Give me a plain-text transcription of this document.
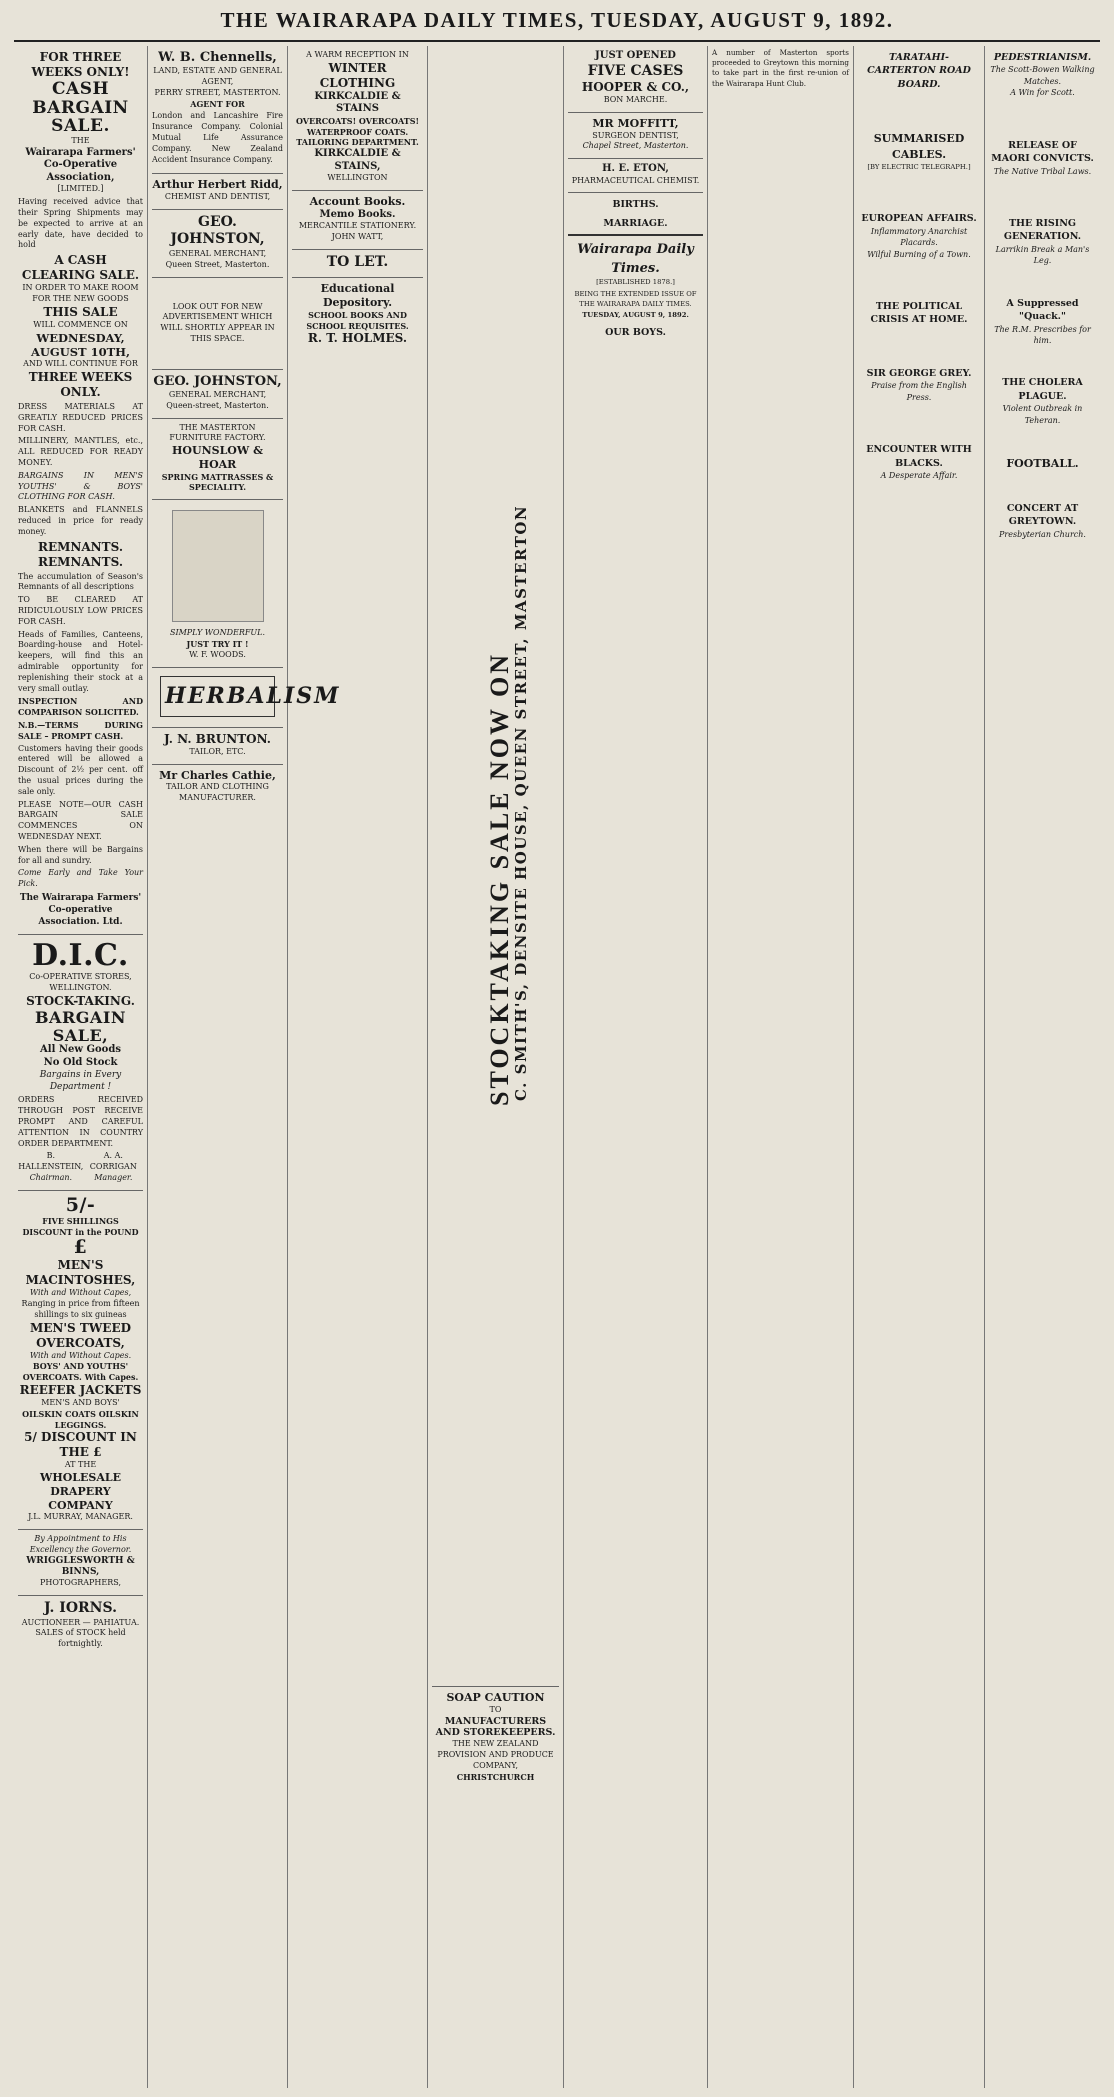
THE WAIRARAPA DAILY TIMES, TUESDAY, AUGUST 9, 1892.
FOR THREE WEEKS ONLY!
CASH BARGAIN SALE.
THE
Wairarapa Farmers' Co-Operative Association,
[LIMITED.]

Having received advice that their Spring Shipments may be expected to arrive at an early date, have decided to hold

A CASH CLEARING SALE.
IN ORDER TO MAKE ROOM FOR THE NEW GOODS
THIS SALE
WILL COMMENCE ON
WEDNESDAY, AUGUST 10TH,
AND WILL CONTINUE FOR
THREE WEEKS ONLY.

DRESS MATERIALS AT GREATLY REDUCED PRICES FOR CASH.

MILLINERY, MANTLES, etc., ALL REDUCED FOR READY MONEY.

BARGAINS IN MEN'S YOUTHS' & BOYS' CLOTHING FOR CASH.

BLANKETS and FLANNELS reduced in price for ready money.

REMNANTS. REMNANTS.

The accumulation of Season's Remnants of all descriptions

TO BE CLEARED AT RIDICULOUSLY LOW PRICES FOR CASH.

Heads of Families, Canteens, Boarding-house and Hotel-keepers, will find this an admirable opportunity for replenishing their stock at a very small outlay.

INSPECTION AND COMPARISON SOLICITED.

N.B.—TERMS DURING SALE – PROMPT CASH.

Customers having their goods entered will be allowed a Discount of 2½ per cent. off the usual prices during the sale only.

PLEASE NOTE—OUR CASH BARGAIN SALE COMMENCES ON WEDNESDAY NEXT.

When there will be Bargains for all and sundry.

Come Early and Take Your Pick.

The Wairarapa Farmers' Co-operative Association. Ltd.
D.I.C.
Co-OPERATIVE STORES, WELLINGTON.
STOCK-TAKING.
BARGAIN SALE,
All New Goods
No Old Stock
Bargains in Every Department !

ORDERS RECEIVED THROUGH POST RECEIVE PROMPT AND CAREFUL ATTENTION IN COUNTRY ORDER DEPARTMENT.

B. HALLENSTEIN,
Chairman.
A. A. CORRIGAN
Manager.
5/-
FIVE SHILLINGS DISCOUNT in the POUND
£
MEN'S MACINTOSHES,
With and Without Capes,
Ranging in price from fifteen shillings to six guineas
MEN'S TWEED OVERCOATS,
With and Without Capes.
BOYS' AND YOUTHS' OVERCOATS. With Capes.
REEFER JACKETS
MEN'S AND BOYS'
OILSKIN COATS OILSKIN LEGGINGS.
5/ DISCOUNT IN THE £
AT THE
WHOLESALE DRAPERY COMPANY
J.L. MURRAY, MANAGER.
By Appointment to His Excellency the Governor.
WRIGGLESWORTH & BINNS,
PHOTOGRAPHERS,
J. IORNS.
AUCTIONEER — PAHIATUA.
SALES of STOCK held fortnightly.
W. B. Chennells,
LAND, ESTATE AND GENERAL AGENT,
PERRY STREET, MASTERTON.
AGENT FOR

London and Lancashire Fire Insurance Company. Colonial Mutual Life Assurance Company. New Zealand Accident Insurance Company.

Arthur Herbert Ridd,
CHEMIST AND DENTIST,
GEO. JOHNSTON,
GENERAL MERCHANT,
Queen Street, Masterton.
LOOK OUT FOR NEW ADVERTISEMENT WHICH WILL SHORTLY APPEAR IN THIS SPACE.
GEO. JOHNSTON,
GENERAL MERCHANT,
Queen-street, Masterton.
THE MASTERTON FURNITURE FACTORY.
HOUNSLOW & HOAR
SPRING MATTRASSES & SPECIALITY.
SIMPLY WONDERFUL.
JUST TRY IT !
W. F. WOODS.
HERBALISM
J. N. BRUNTON.
TAILOR, ETC.
Mr Charles Cathie,
TAILOR AND CLOTHING MANUFACTURER.
A WARM RECEPTION IN
WINTER CLOTHING
KIRKCALDIE & STAINS
OVERCOATS! OVERCOATS!
WATERPROOF COATS.
TAILORING DEPARTMENT.
KIRKCALDIE & STAINS,
WELLINGTON
Account Books.
Memo Books.
MERCANTILE STATIONERY.
JOHN WATT,
TO LET.
Educational Depository.
SCHOOL BOOKS AND SCHOOL REQUISITES.
R. T. HOLMES.
STOCKTAKING SALE NOW ON
C. SMITH'S, DENSITE HOUSE, QUEEN STREET, MASTERTON
SOAP CAUTION
TO
MANUFACTURERS AND STOREKEEPERS.
THE NEW ZEALAND PROVISION AND PRODUCE COMPANY,
CHRISTCHURCH
JUST OPENED
FIVE CASES
HOOPER & CO.,
BON MARCHE.
MR MOFFITT,
SURGEON DENTIST,
Chapel Street, Masterton.
H. E. ETON,
PHARMACEUTICAL CHEMIST.
BIRTHS.
MARRIAGE.
Wairarapa Daily Times.
[ESTABLISHED 1878.]
BEING THE EXTENDED ISSUE OF THE WAIRARAPA DAILY TIMES.
TUESDAY, AUGUST 9, 1892.
OUR BOYS.

A number of Masterton sports proceeded to Greytown this morning to take part in the first re-union of the Wairarapa Hunt Club.

TARATAHI-CARTERTON ROAD BOARD.
SUMMARISED CABLES.
[BY ELECTRIC TELEGRAPH.]
EUROPEAN AFFAIRS.
Inflammatory Anarchist Placards.
Wilful Burning of a Town.
THE POLITICAL CRISIS AT HOME.
SIR GEORGE GREY.
Praise from the English Press.
ENCOUNTER WITH BLACKS.
A Desperate Affair.
PEDESTRIANISM.
The Scott-Bowen Walking Matches.
A Win for Scott.
RELEASE OF MAORI CONVICTS.
The Native Tribal Laws.
THE RISING GENERATION.
Larrikin Break a Man's Leg.
A Suppressed "Quack."
The R.M. Prescribes for him.
THE CHOLERA PLAGUE.
Violent Outbreak in Teheran.
FOOTBALL.
CONCERT AT GREYTOWN.
Presbyterian Church.
